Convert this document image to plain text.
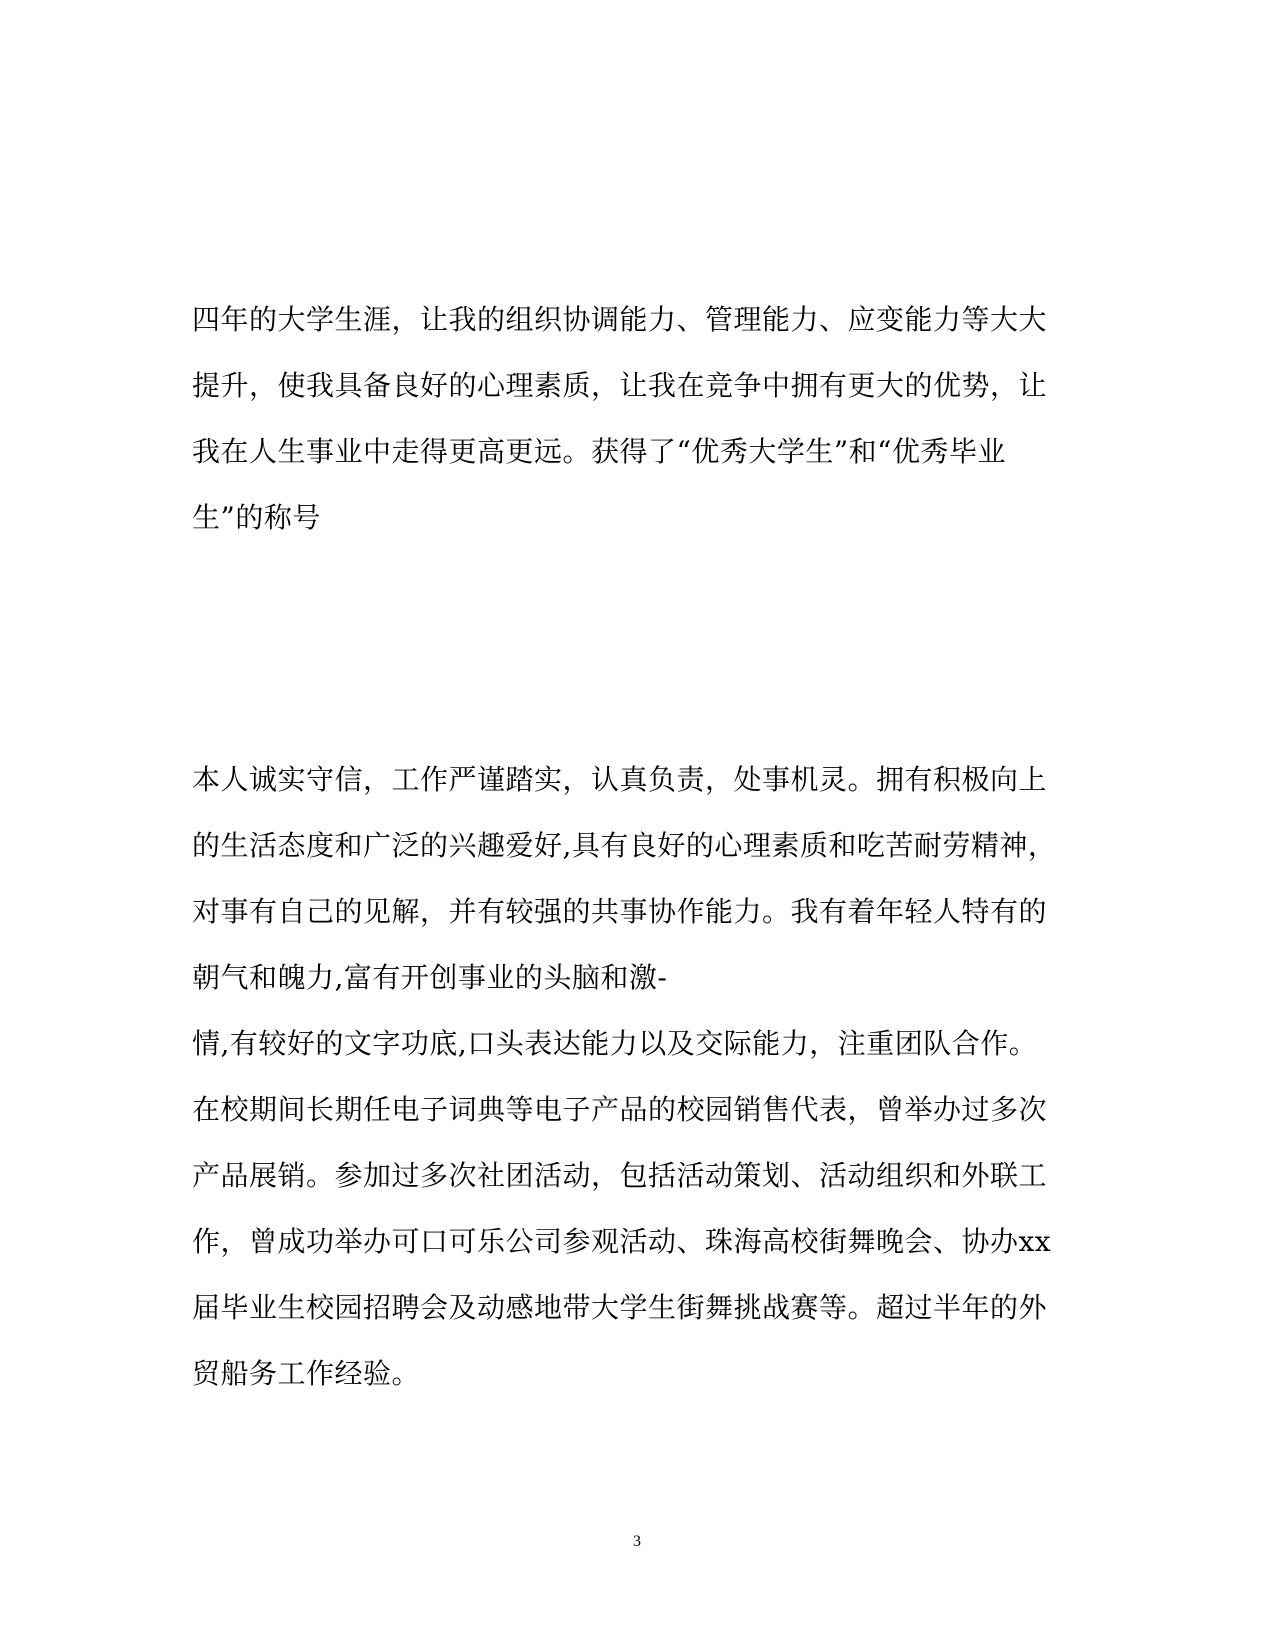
四年的大学生涯，让我的组织协调能力、管理能力、应变能力等大大
提升，使我具备良好的心理素质，让我在竞争中拥有更大的优势，让
我在人生事业中走得更高更远。获得了“优秀大学生”和“优秀毕业
生”的称号
本人诚实守信，工作严谨踏实，认真负责，处事机灵。拥有积极向上
的生活态度和广泛的兴趣爱好,具有良好的心理素质和吃苦耐劳精神，
对事有自己的见解，并有较强的共事协作能力。我有着年轻人特有的
朝气和魄力,富有开创事业的头脑和激-
情,有较好的文字功底,口头表达能力以及交际能力，注重团队合作。
在校期间长期任电子词典等电子产品的校园销售代表，曾举办过多次
产品展销。参加过多次社团活动，包括活动策划、活动组织和外联工
作，曾成功举办可口可乐公司参观活动、珠海高校街舞晚会、协办xx
届毕业生校园招聘会及动感地带大学生街舞挑战赛等。超过半年的外
贸船务工作经验。
3
